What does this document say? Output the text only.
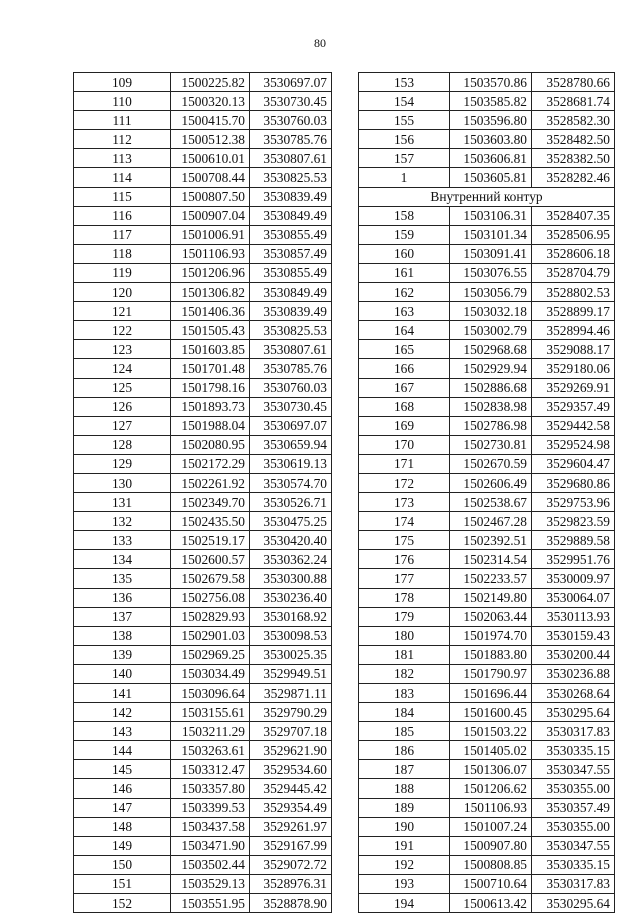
80
109	1500225.82	3530697.07
110	1500320.13	3530730.45
111	1500415.70	3530760.03
112	1500512.38	3530785.76
113	1500610.01	3530807.61
114	1500708.44	3530825.53
115	1500807.50	3530839.49
116	1500907.04	3530849.49
117	1501006.91	3530855.49
118	1501106.93	3530857.49
119	1501206.96	3530855.49
120	1501306.82	3530849.49
121	1501406.36	3530839.49
122	1501505.43	3530825.53
123	1501603.85	3530807.61
124	1501701.48	3530785.76
125	1501798.16	3530760.03
126	1501893.73	3530730.45
127	1501988.04	3530697.07
128	1502080.95	3530659.94
129	1502172.29	3530619.13
130	1502261.92	3530574.70
131	1502349.70	3530526.71
132	1502435.50	3530475.25
133	1502519.17	3530420.40
134	1502600.57	3530362.24
135	1502679.58	3530300.88
136	1502756.08	3530236.40
137	1502829.93	3530168.92
138	1502901.03	3530098.53
139	1502969.25	3530025.35
140	1503034.49	3529949.51
141	1503096.64	3529871.11
142	1503155.61	3529790.29
143	1503211.29	3529707.18
144	1503263.61	3529621.90
145	1503312.47	3529534.60
146	1503357.80	3529445.42
147	1503399.53	3529354.49
148	1503437.58	3529261.97
149	1503471.90	3529167.99
150	1503502.44	3529072.72
151	1503529.13	3528976.31
152	1503551.95	3528878.90
153	1503570.86	3528780.66
154	1503585.82	3528681.74
155	1503596.80	3528582.30
156	1503603.80	3528482.50
157	1503606.81	3528382.50
1	1503605.81	3528282.46
Внутренний контур		
158	1503106.31	3528407.35
159	1503101.34	3528506.95
160	1503091.41	3528606.18
161	1503076.55	3528704.79
162	1503056.79	3528802.53
163	1503032.18	3528899.17
164	1503002.79	3528994.46
165	1502968.68	3529088.17
166	1502929.94	3529180.06
167	1502886.68	3529269.91
168	1502838.98	3529357.49
169	1502786.98	3529442.58
170	1502730.81	3529524.98
171	1502670.59	3529604.47
172	1502606.49	3529680.86
173	1502538.67	3529753.96
174	1502467.28	3529823.59
175	1502392.51	3529889.58
176	1502314.54	3529951.76
177	1502233.57	3530009.97
178	1502149.80	3530064.07
179	1502063.44	3530113.93
180	1501974.70	3530159.43
181	1501883.80	3530200.44
182	1501790.97	3530236.88
183	1501696.44	3530268.64
184	1501600.45	3530295.64
185	1501503.22	3530317.83
186	1501405.02	3530335.15
187	1501306.07	3530347.55
188	1501206.62	3530355.00
189	1501106.93	3530357.49
190	1501007.24	3530355.00
191	1500907.80	3530347.55
192	1500808.85	3530335.15
193	1500710.64	3530317.83
194	1500613.42	3530295.64
